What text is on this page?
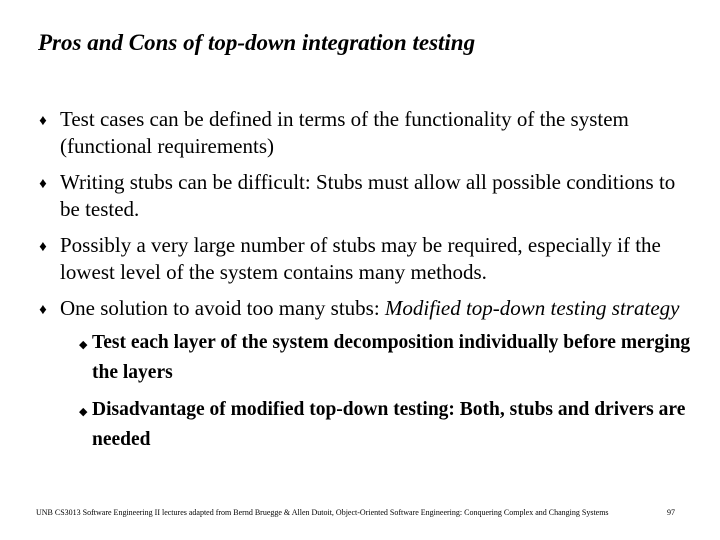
Pros and Cons of top-down integration testing
♦ Test cases can be defined in terms of the functionality of the system (functional requirements)
♦ Writing stubs can be difficult: Stubs must allow all possible conditions to be tested.
♦ Possibly a very large number of stubs may be required, especially if the lowest level of the system contains many methods.
♦ One solution to avoid too many stubs: Modified top-down testing strategy
◆ Test each layer of the system decomposition individually before merging the layers
◆ Disadvantage of modified top-down testing: Both, stubs and drivers are needed
UNB CS3013 Software Engineering II lectures adapted from Bernd Bruegge & Allen Dutoit, Object-Oriented Software Engineering: Conquering Complex and Changing Systems	97
